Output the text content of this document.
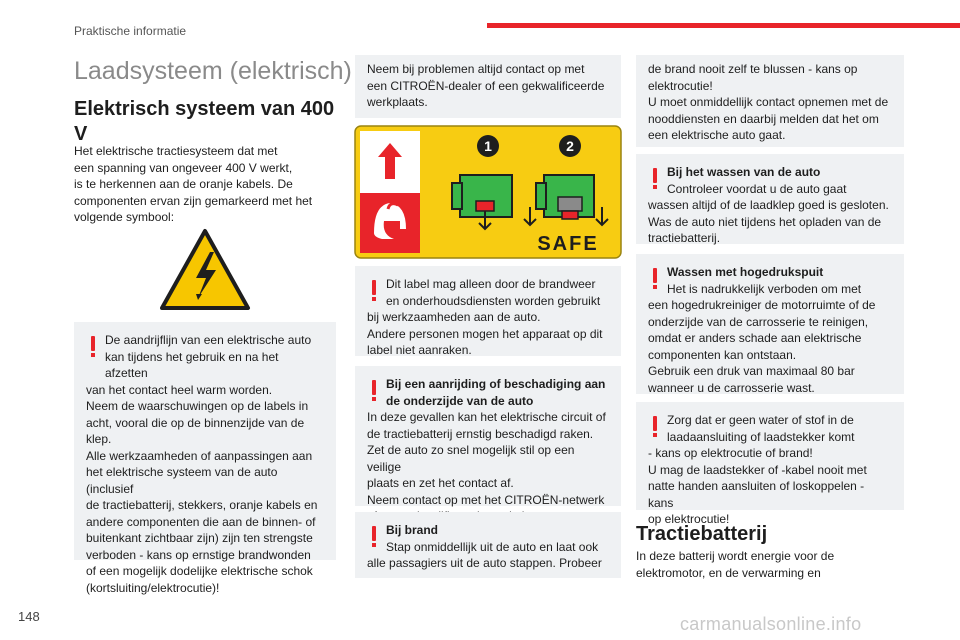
Praktische informatie
Laadsysteem (elektrisch)
Elektrisch systeem van 400 V
Het elektrische tractiesysteem dat met
een spanning van ongeveer 400 V werkt,
is te herkennen aan de oranje kabels. De
componenten ervan zijn gemarkeerd met het
volgende symbool:

De aandrijflijn van een elektrische auto

kan tijdens het gebruik en na het afzetten

van het contact heel warm worden.

Neem de waarschuwingen op de labels in

acht, vooral die op de binnenzijde van de

klep.

Alle werkzaamheden of aanpassingen aan

het elektrische systeem van de auto (inclusief

de tractiebatterij, stekkers, oranje kabels en

andere componenten die aan de binnen- of

buitenkant zichtbaar zijn) zijn ten strengste

verboden - kans op ernstige brandwonden

of een mogelijk dodelijke elektrische schok

(kortsluiting/elektrocutie)!

Neem bij problemen altijd contact op met

een CITROËN-dealer of een gekwalificeerde

werkplaats.

1	2
SAFE

Dit label mag alleen door de brandweer

en onderhoudsdiensten worden gebruikt

bij werkzaamheden aan de auto.

Andere personen mogen het apparaat op dit

label niet aanraken.

Bij een aanrijding of beschadiging aan

de onderzijde van de auto

In deze gevallen kan het elektrische circuit of

de tractiebatterij ernstig beschadigd raken.

Zet de auto zo snel mogelijk stil op een veilige

plaats en zet het contact af.

Neem contact op met het CITROËN-netwerk

Bij brand

Stap onmiddellijk uit de auto en laat ook

alle passagiers uit de auto stappen. Probeer

de brand nooit zelf te blussen - kans op

elektrocutie!

U moet onmiddellijk contact opnemen met de

nooddiensten en daarbij melden dat het om

een elektrische auto gaat.

Bij het wassen van de auto

Controleer voordat u de auto gaat

wassen altijd of de laadklep goed is gesloten.

Was de auto niet tijdens het opladen van de

tractiebatterij.

Wassen met hogedrukspuit

Het is nadrukkelijk verboden om met

een hogedrukreiniger de motorruimte of de

onderzijde van de carrosserie te reinigen,

omdat er anders schade aan elektrische

componenten kan ontstaan.

Gebruik een druk van maximaal 80 bar

wanneer u de carrosserie wast.

Zorg dat er geen water of stof in de

laadaansluiting of laadstekker komt

- kans op elektrocutie of brand!

U mag de laadstekker of -kabel nooit met

natte handen aansluiten of loskoppelen - kans

op elektrocutie!

Tractiebatterij
In deze batterij wordt energie voor de
elektromotor, en de verwarming en
148	carmanualsonline.info
